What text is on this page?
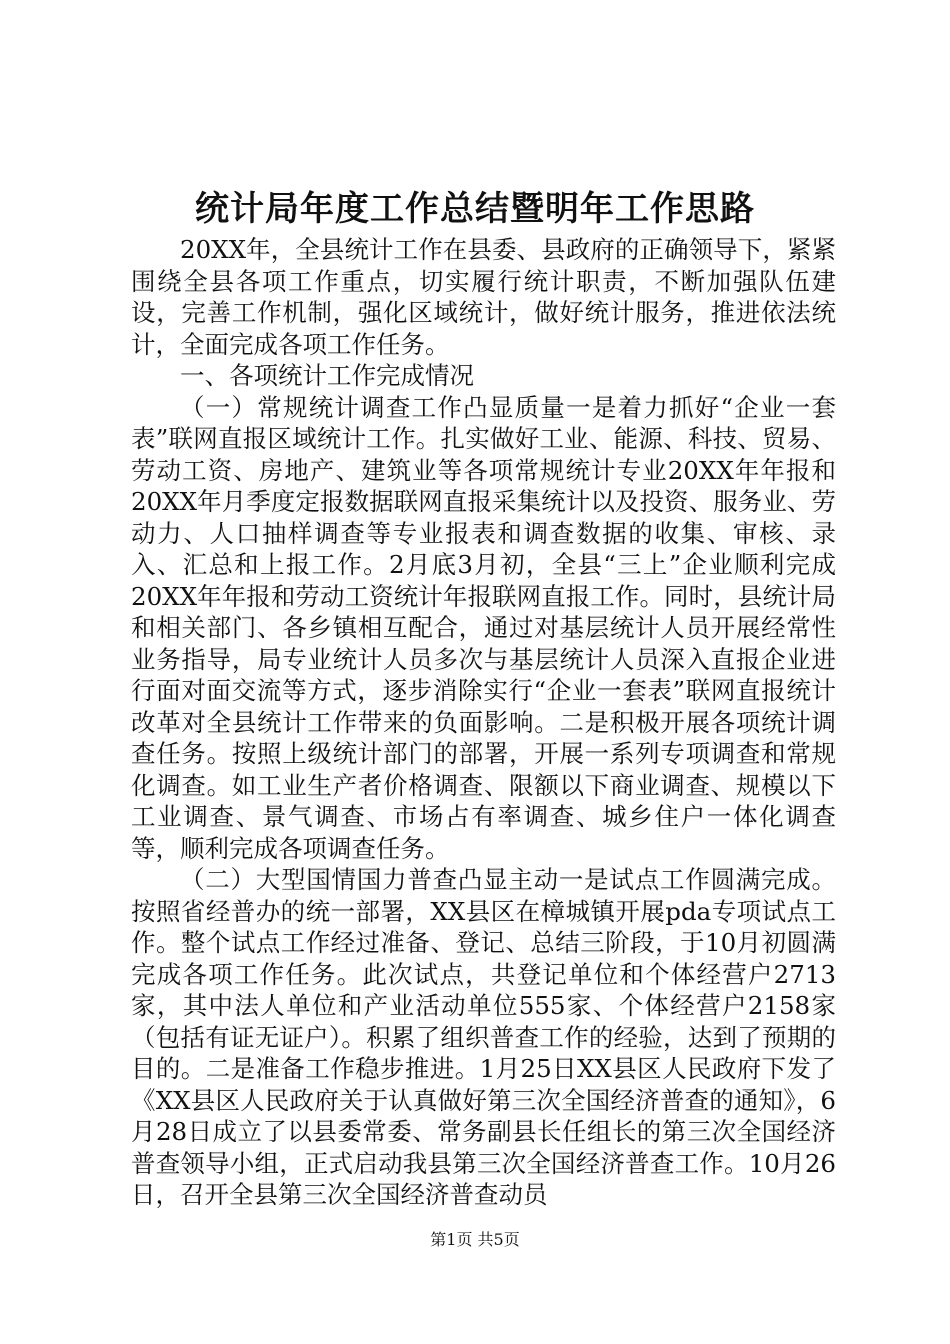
统计局年度工作总结暨明年工作思路

20XX年，全县统计工作在县委、县政府的正确领导下，紧紧围绕全县各项工作重点，切实履行统计职责，不断加强队伍建设，完善工作机制，强化区域统计，做好统计服务，推进依法统计，全面完成各项工作任务。

一、各项统计工作完成情况

（一）常规统计调查工作凸显质量一是着力抓好“企业一套表”联网直报区域统计工作。扎实做好工业、能源、科技、贸易、劳动工资、房地产、建筑业等各项常规统计专业20XX年年报和20XX年月季度定报数据联网直报采集统计以及投资、服务业、劳动力、人口抽样调查等专业报表和调查数据的收集、审核、录入、汇总和上报工作。2月底3月初，全县“三上”企业顺利完成20XX年年报和劳动工资统计年报联网直报工作。同时，县统计局和相关部门、各乡镇相互配合，通过对基层统计人员开展经常性业务指导，局专业统计人员多次与基层统计人员深入直报企业进行面对面交流等方式，逐步消除实行“企业一套表”联网直报统计改革对全县统计工作带来的负面影响。二是积极开展各项统计调查任务。按照上级统计部门的部署，开展一系列专项调查和常规化调查。如工业生产者价格调查、限额以下商业调查、规模以下工业调查、景气调查、市场占有率调查、城乡住户一体化调查等，顺利完成各项调查任务。

（二）大型国情国力普查凸显主动一是试点工作圆满完成。按照省经普办的统一部署，XX县区在樟城镇开展pda专项试点工作。整个试点工作经过准备、登记、总结三阶段，于10月初圆满完成各项工作任务。此次试点，共登记单位和个体经营户2713家，其中法人单位和产业活动单位555家、个体经营户2158家（包括有证无证户）。积累了组织普查工作的经验，达到了预期的目的。二是准备工作稳步推进。1月25日XX县区人民政府下发了《XX县区人民政府关于认真做好第三次全国经济普查的通知》，6月28日成立了以县委常委、常务副县长任组长的第三次全国经济普查领导小组，正式启动我县第三次全国经济普查工作。10月26日，召开全县第三次全国经济普查动员

第1页 共5页
